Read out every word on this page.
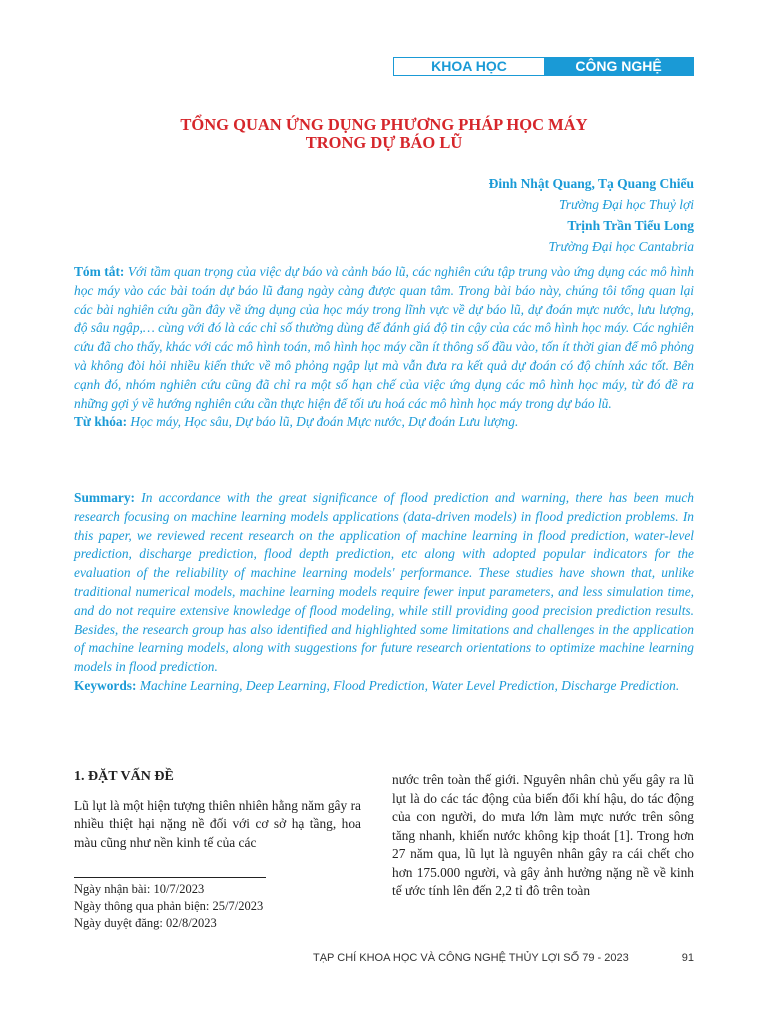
KHOA HỌC	CÔNG NGHỆ
TỔNG QUAN ỨNG DỤNG PHƯƠNG PHÁP HỌC MÁY
TRONG DỰ BÁO LŨ
Đinh Nhật Quang, Tạ Quang Chiểu
Trường Đại học Thuỷ lợi
Trịnh Trần Tiểu Long
Trường Đại học Cantabria

Tóm tắt: Với tầm quan trọng của việc dự báo và cảnh báo lũ, các nghiên cứu tập trung vào ứng dụng các mô hình học máy vào các bài toán dự báo lũ đang ngày càng được quan tâm. Trong bài báo này, chúng tôi tổng quan lại các bài nghiên cứu gần đây về ứng dụng của học máy trong lĩnh vực về dự báo lũ, dự đoán mực nước, lưu lượng, độ sâu ngập,… cùng với đó là các chỉ số thường dùng để đánh giá độ tin cậy của các mô hình học máy. Các nghiên cứu đã cho thấy, khác với các mô hình toán, mô hình học máy cần ít thông số đầu vào, tốn ít thời gian để mô phỏng và không đòi hỏi nhiều kiến thức về mô phỏng ngập lụt mà vẫn đưa ra kết quả dự đoán có độ chính xác tốt. Bên cạnh đó, nhóm nghiên cứu cũng đã chỉ ra một số hạn chế của việc ứng dụng các mô hình học máy, từ đó đề ra những gợi ý về hướng nghiên cứu cần thực hiện để tối ưu hoá các mô hình học máy trong dự báo lũ.

Từ khóa: Học máy, Học sâu, Dự báo lũ, Dự đoán Mực nước, Dự đoán Lưu lượng.

Summary: In accordance with the great significance of flood prediction and warning, there has been much research focusing on machine learning models applications (data-driven models) in flood prediction problems. In this paper, we reviewed recent research on the application of machine learning in flood prediction, water-level prediction, discharge prediction, flood depth prediction, etc along with adopted popular indicators for the evaluation of the reliability of machine learning models' performance. These studies have shown that, unlike traditional numerical models, machine learning models require fewer input parameters, and less simulation time, and do not require extensive knowledge of flood modeling, while still providing good precision prediction results. Besides, the research group has also identified and highlighted some limitations and challenges in the application of machine learning models, along with suggestions for future research orientations to optimize machine learning models in flood prediction.

Keywords: Machine Learning, Deep Learning, Flood Prediction, Water Level Prediction, Discharge Prediction.

1. ĐẶT VẤN ĐỀ

Lũ lụt là một hiện tượng thiên nhiên hằng năm gây ra nhiều thiệt hại nặng nề đối với cơ sở hạ tầng, hoa màu cũng như nền kinh tế của các

nước trên toàn thế giới. Nguyên nhân chủ yếu gây ra lũ lụt là do các tác động của biến đổi khí hậu, do tác động của con người, do mưa lớn làm mực nước trên sông tăng nhanh, khiến nước không kịp thoát [1]. Trong hơn 27 năm qua, lũ lụt là nguyên nhân gây ra cái chết cho hơn 175.000 người, và gây ảnh hưởng nặng nề về kinh tế ước tính lên đến 2,2 tỉ đô trên toàn

Ngày nhận bài: 10/7/2023
Ngày thông qua phản biện: 25/7/2023
Ngày duyệt đăng: 02/8/2023
TẠP CHÍ KHOA HỌC VÀ CÔNG NGHỆ THỦY LỢI SỐ 79 - 2023	91
